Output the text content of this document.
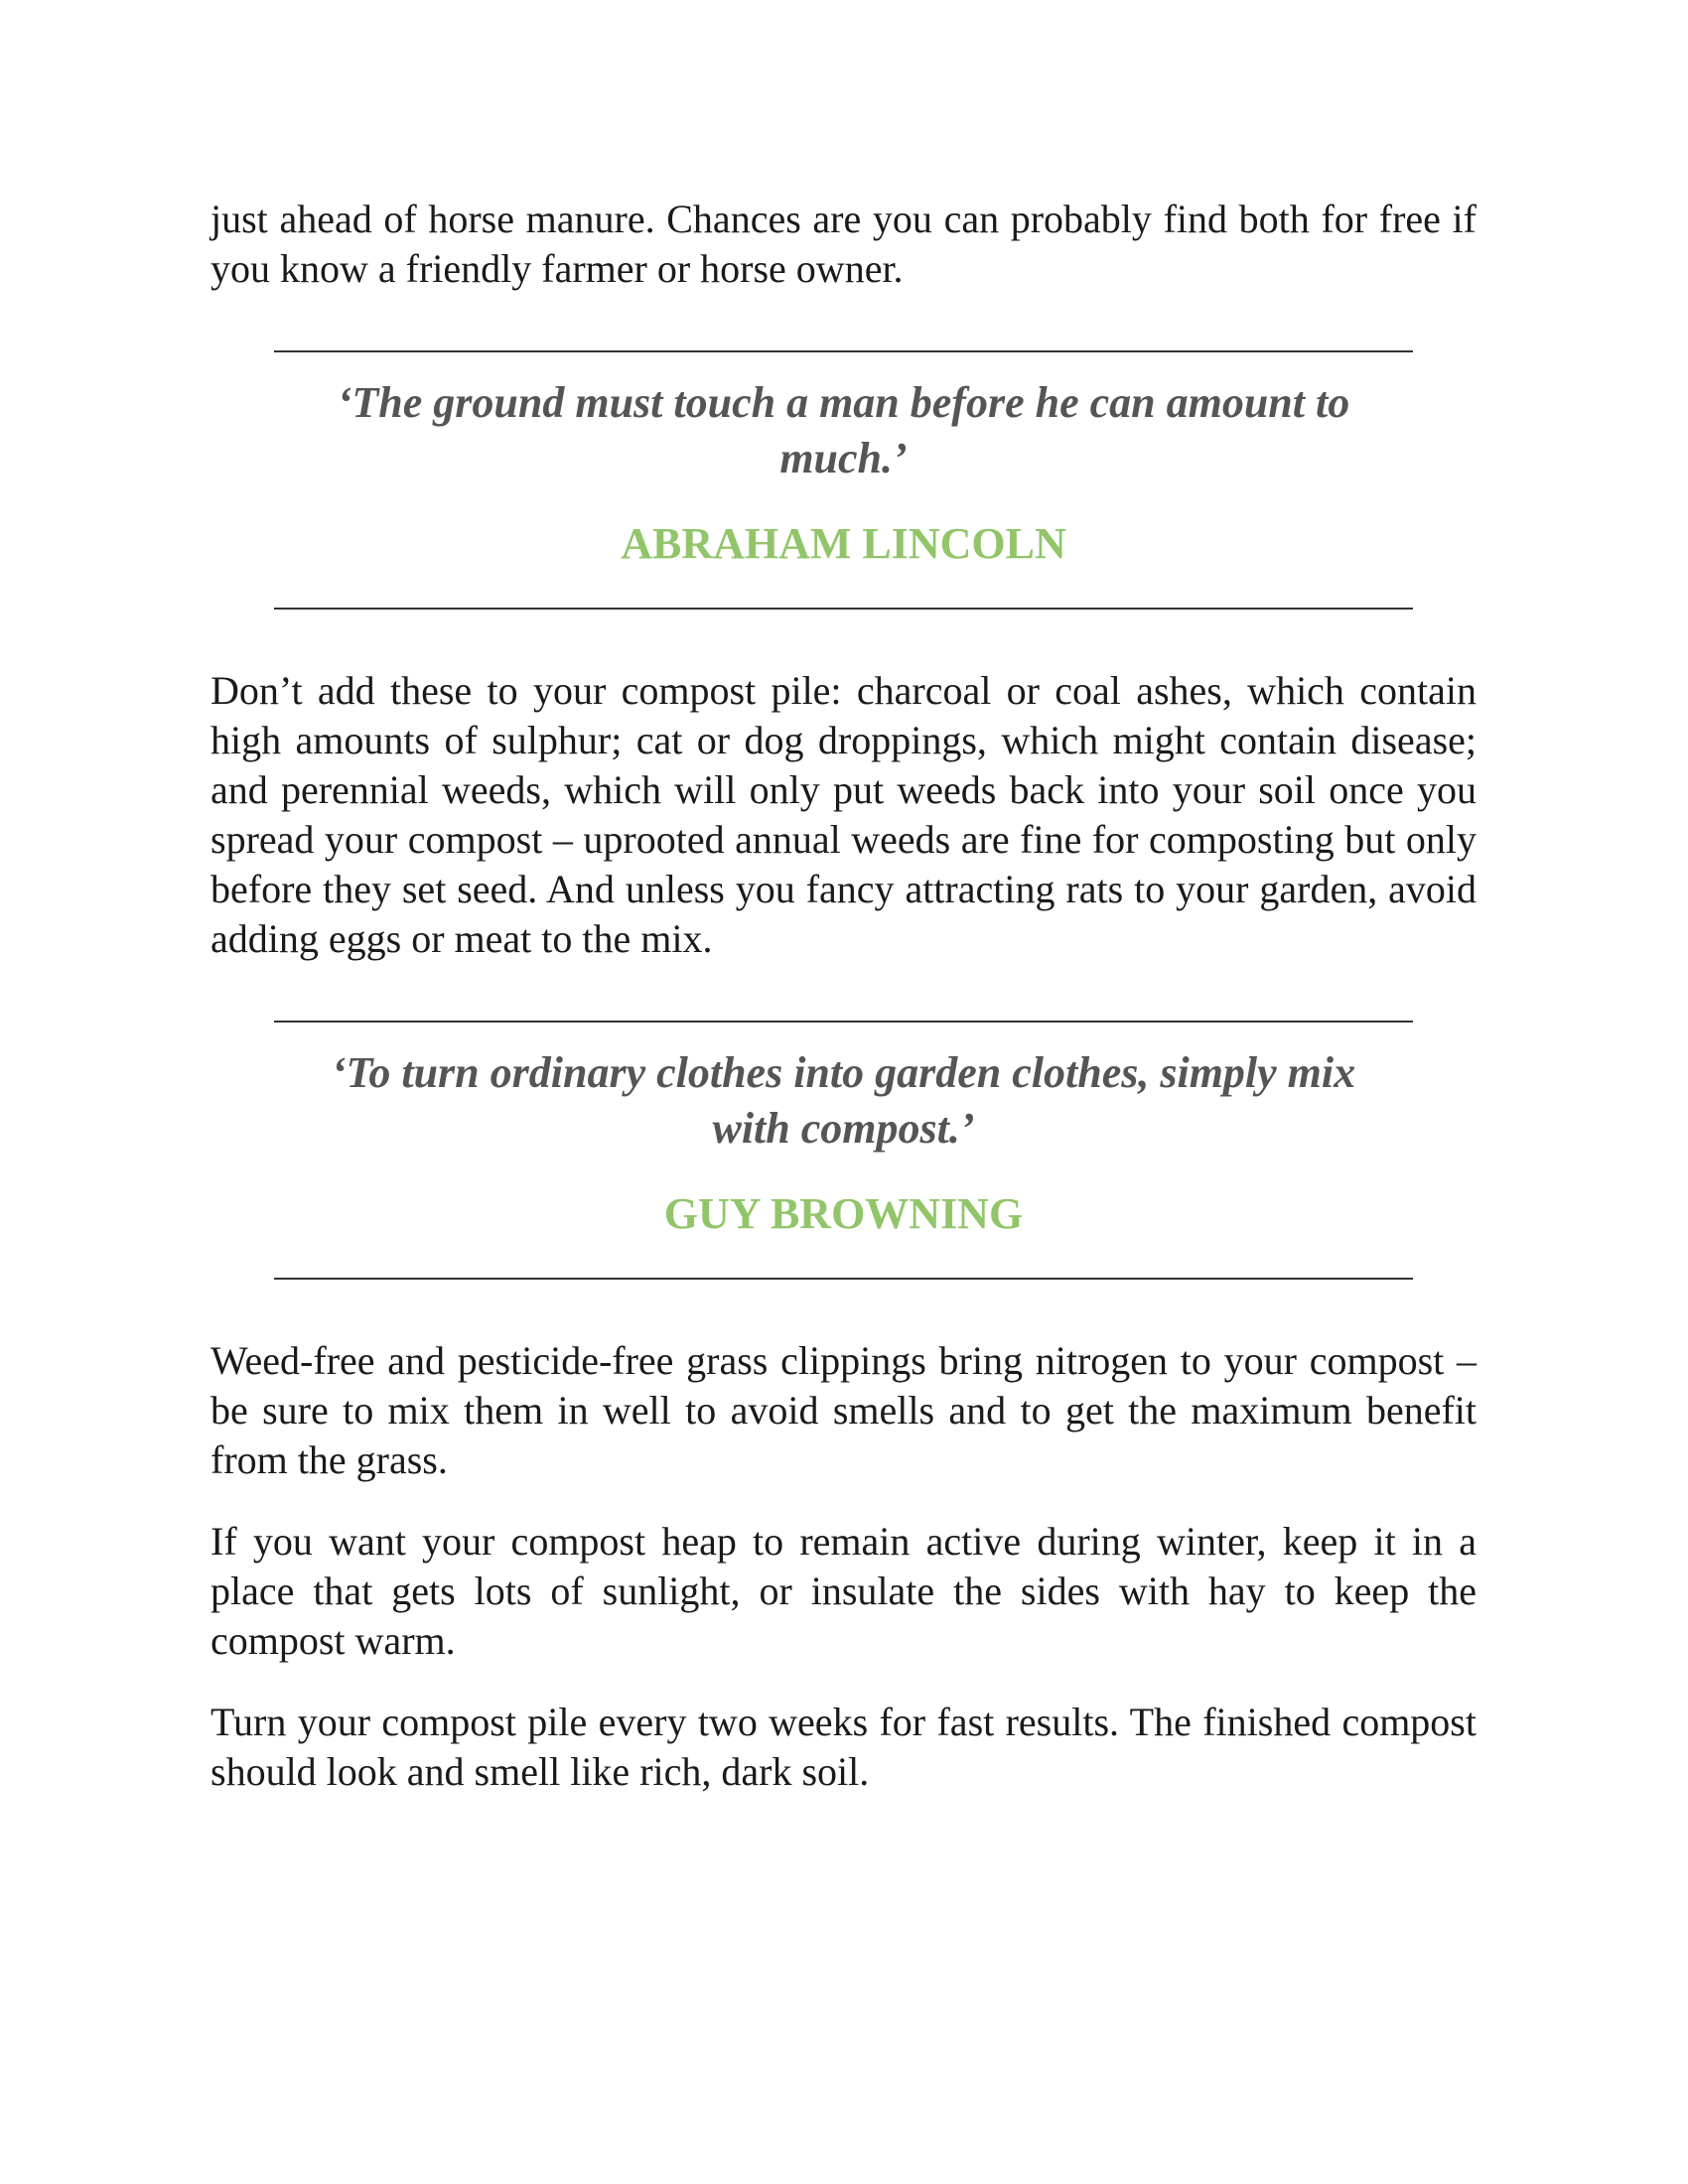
just ahead of horse manure. Chances are you can probably find both for free if you know a friendly farmer or horse owner.

‘The ground must touch a man before he can amount to much.’

ABRAHAM LINCOLN

Don’t add these to your compost pile: charcoal or coal ashes, which contain high amounts of sulphur; cat or dog droppings, which might contain disease; and perennial weeds, which will only put weeds back into your soil once you spread your compost – uprooted annual weeds are fine for composting but only before they set seed. And unless you fancy attracting rats to your garden, avoid adding eggs or meat to the mix.

‘To turn ordinary clothes into garden clothes, simply mix with compost.’

GUY BROWNING

Weed-free and pesticide-free grass clippings bring nitrogen to your compost – be sure to mix them in well to avoid smells and to get the maximum benefit from the grass.

If you want your compost heap to remain active during winter, keep it in a place that gets lots of sunlight, or insulate the sides with hay to keep the compost warm.

Turn your compost pile every two weeks for fast results. The finished compost should look and smell like rich, dark soil.
